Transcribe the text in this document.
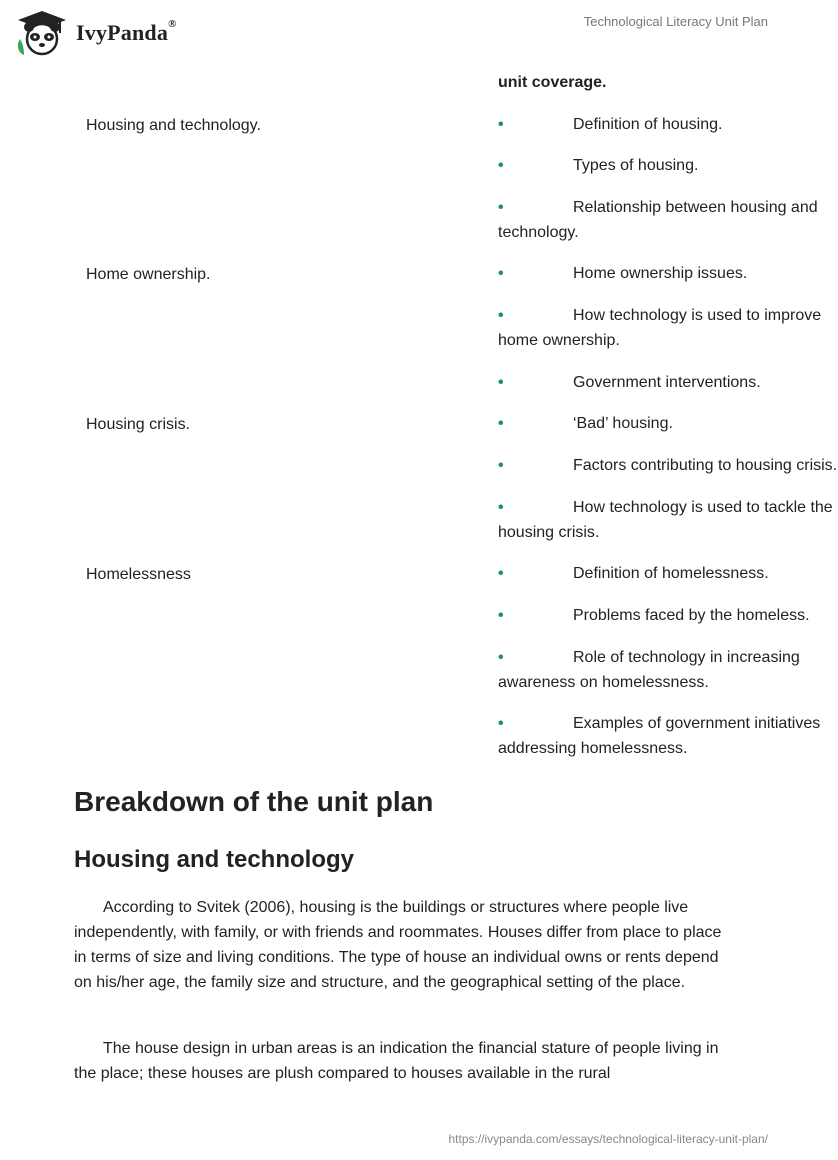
IvyPanda®	Technological Literacy Unit Plan
unit coverage.
Housing and technology.	•	Definition of housing.
•	Types of housing.
•	Relationship between housing and technology.
Home ownership.	•	Home ownership issues.
•	How technology is used to improve home ownership.
•	Government interventions.
Housing crisis.	•	‘Bad’ housing.
•	Factors contributing to housing crisis.
•	How technology is used to tackle the housing crisis.
Homelessness	•	Definition of homelessness.
•	Problems faced by the homeless.
•	Role of technology in increasing awareness on homelessness.
•	Examples of government initiatives addressing homelessness.
Breakdown of the unit plan
Housing and technology

According to Svitek (2006), housing is the buildings or structures where people live independently, with family, or with friends and roommates. Houses differ from place to place in terms of size and living conditions. The type of house an individual owns or rents depend on his/her age, the family size and structure, and the geographical setting of the place.

The house design in urban areas is an indication the financial stature of people living in the place; these houses are plush compared to houses available in the rural

https://ivypanda.com/essays/technological-literacy-unit-plan/
